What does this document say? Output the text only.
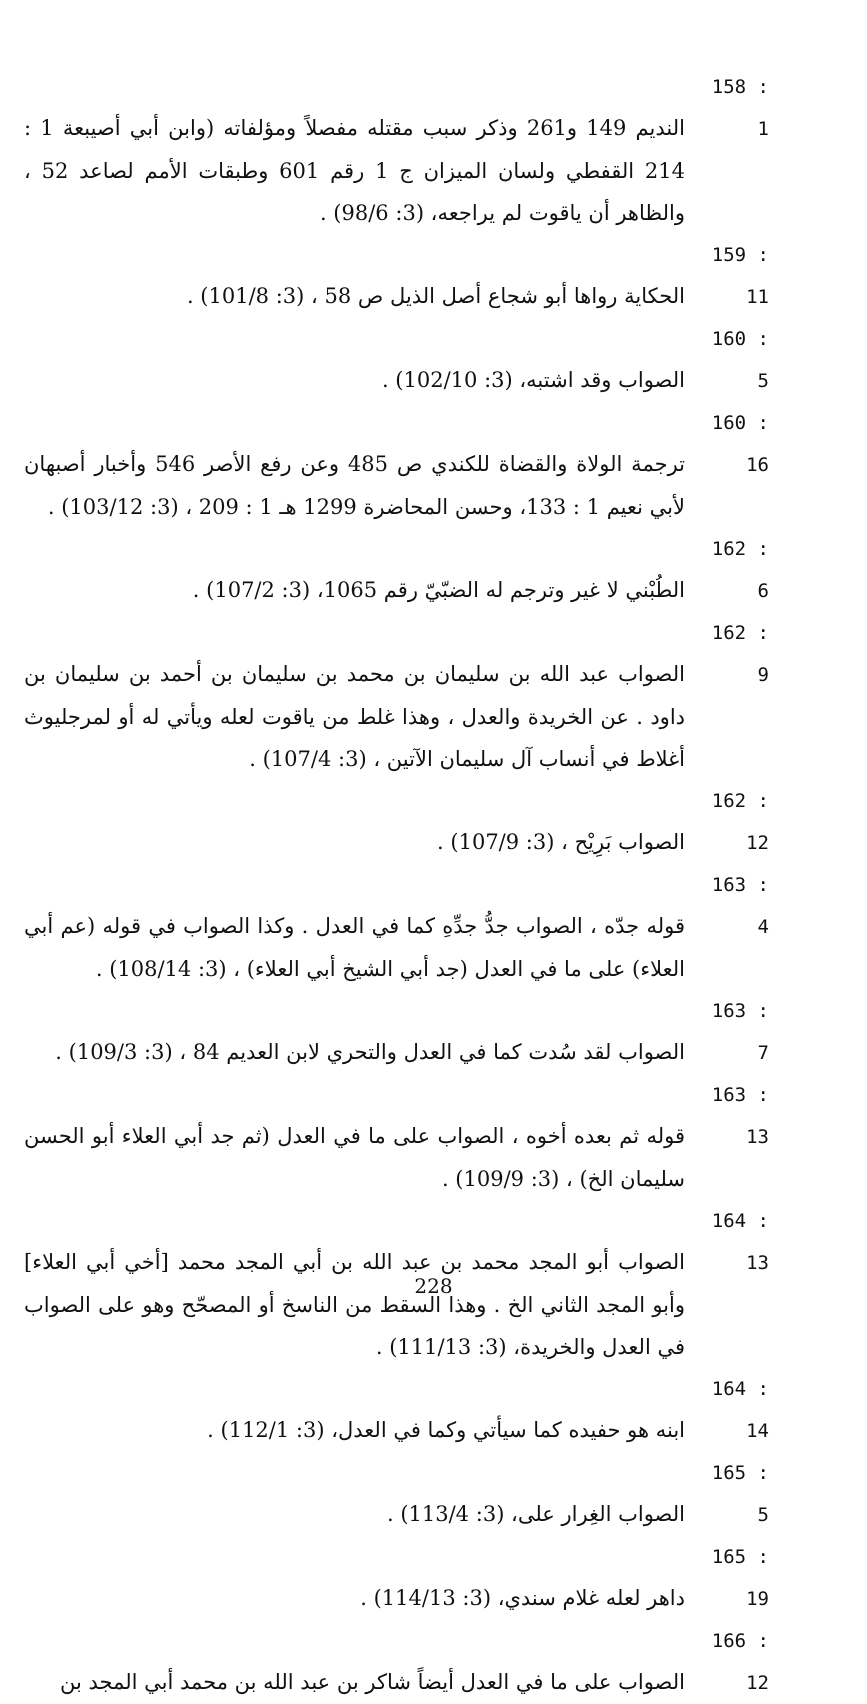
158 : 1النديم 149 و261 وذكر سبب مقتله مفصلاً ومؤلفاته (وابن أبي أصيبعة 1 : 214 القفطي ولسان الميزان ج 1 رقم 601 وطبقات الأمم لصاعد 52 ، والظاهر أن ياقوت لم يراجعه، (3: 98/6) .
159 : 11الحكاية رواها أبو شجاع أصل الذيل ص 58 ، (3: 101/8) .
160 : 5الصواب وقد اشتبه، (3: 102/10) .
160 : 16ترجمة الولاة والقضاة للكندي ص 485 وعن رفع الأصر 546 وأخبار أصبهان لأبي نعيم 1 : 133، وحسن المحاضرة 1299 هـ 1 : 209 ، (3: 103/12) .
162 : 6الطُبْني لا غير وترجم له الضبّيّ رقم 1065، (3: 107/2) .
162 : 9الصواب عبد الله بن سليمان بن محمد بن سليمان بن أحمد بن سليمان بن داود . عن الخريدة والعدل ، وهذا غلط من ياقوت لعله ويأتي له أو لمرجليوث أغلاط في أنساب آل سليمان الآتين ، (3: 107/4) .
162 : 12الصواب بَرِيْح ، (3: 107/9) .
163 : 4قوله جدّه ، الصواب جدُّ جدِّهِ كما في العدل . وكذا الصواب في قوله (عم أبي العلاء) على ما في العدل (جد أبي الشيخ أبي العلاء) ، (3: 108/14) .
163 : 7الصواب لقد سُدت كما في العدل والتحري لابن العديم 84 ، (3: 109/3) .
163 : 13قوله ثم بعده أخوه ، الصواب على ما في العدل (ثم جد أبي العلاء أبو الحسن سليمان الخ) ، (3: 109/9) .
164 : 13الصواب أبو المجد محمد بن عبد الله بن أبي المجد محمد [أخي أبي العلاء] وأبو المجد الثاني الخ . وهذا السقط من الناسخ أو المصحّح وهو على الصواب في العدل والخريدة، (3: 111/13) .
164 : 14ابنه هو حفيده كما سيأتي وكما في العدل، (3: 112/1) .
165 : 5الصواب الغِرار على، (3: 113/4) .
165 : 19داهر لعله غلام سندي، (3: 114/13) .
166 : 12الصواب على ما في العدل أيضاً شاكر بن عبد الله بن محمد أبي المجد بن
228
